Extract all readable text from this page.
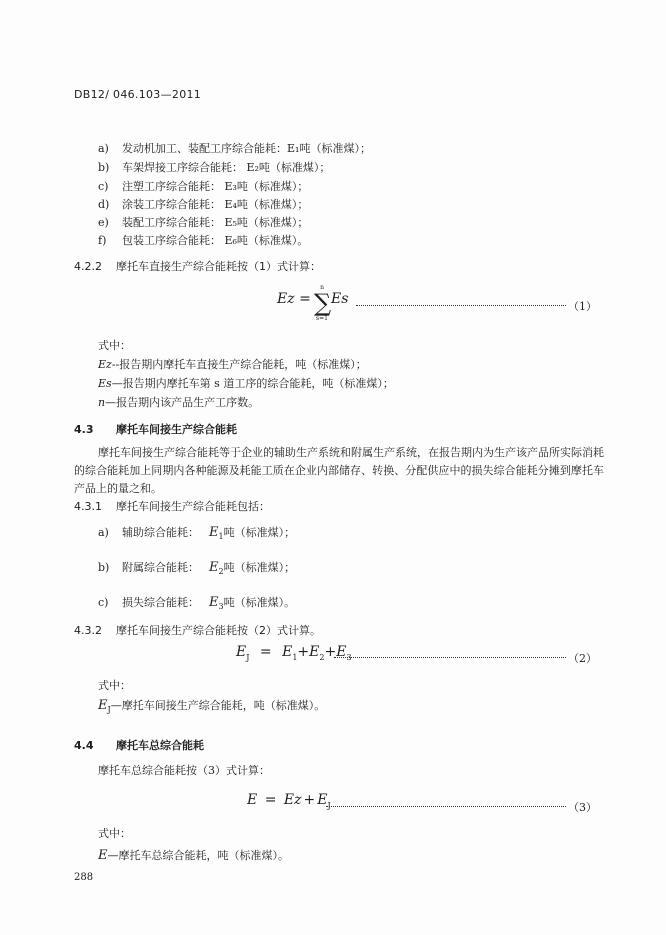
DB12/ 046.103—2011
a) 发动机加工、装配工序综合能耗：E₁吨（标准煤）；
b) 车架焊接工序综合能耗： E₂吨（标准煤）；
c) 注塑工序综合能耗： E₃吨（标准煤）；
d) 涂装工序综合能耗： E₄吨（标准煤）；
e) 装配工序综合能耗： E₅吨（标准煤）；
f) 包装工序综合能耗： E₆吨（标准煤）。
4.2.2 摩托车直接生产综合能耗按（1）式计算：
Ez =
n
∑
s=1
Es	（1）
式中：
Ez--报告期内摩托车直接生产综合能耗，吨（标准煤）；
Es—报告期内摩托车第 s 道工序的综合能耗，吨（标准煤）；
n—报告期内该产品生产工序数。
4.3 摩托车间接生产综合能耗
摩托车间接生产综合能耗等于企业的辅助生产系统和附属生产系统，在报告期内为生产该产品所实际消耗的综合能耗加上同期内各种能源及耗能工质在企业内部储存、转换、分配供应中的损失综合能耗分摊到摩托车产品上的量之和。
4.3.1 摩托车间接生产综合能耗包括：
a) 辅助综合能耗： $E_1$吨（标准煤）；
b) 附属综合能耗： $E_2$吨（标准煤）；
c) 损失综合能耗： $E_3$吨（标准煤）。
4.3.2 摩托车间接生产综合能耗按（2）式计算。
$E_J = E_1+E_2+E_3$	（2）
式中：
$E_J—$摩托车间接生产综合能耗，吨（标准煤）。
4.4 摩托车总综合能耗
摩托车总综合能耗按（3）式计算：
$E = Ez + E_J$	（3）
式中：
E—摩托车总综合能耗，吨（标准煤）。
288
